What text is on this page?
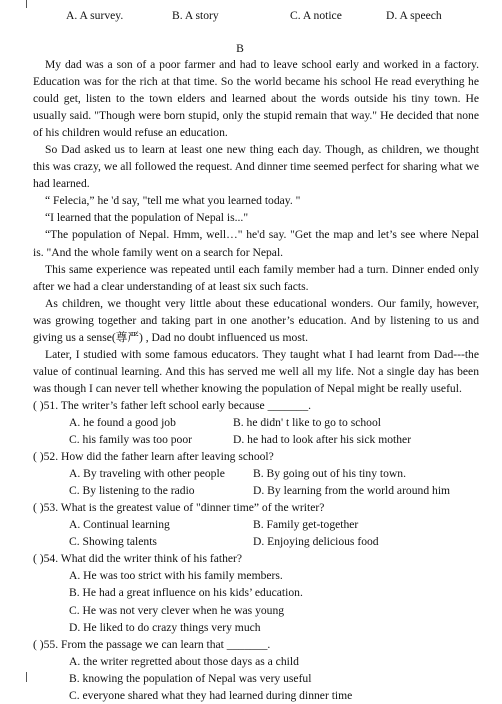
A. A survey.	B. A story	C. A notice	D. A speech
B

My dad was a son of a poor farmer and had to leave school early and worked in a factory. Education was for the rich at that time. So the world became his school He read everything he could get, listen to the town elders and learned about the words outside his tiny town. He usually said. "Though were born stupid, only the stupid remain that way." He decided that none of his children would refuse an education.

So Dad asked us to learn at least one new thing each day. Though, as children, we thought this was crazy, we all followed the request. And dinner time seemed perfect for sharing what we had learned.

“ Felecia,” he 'd say, "tell me what you learned today. "

“I learned that the population of Nepal is..."

“The population of Nepal. Hmm, well…" he'd say. "Get the map and let’s see where Nepal is. "And the whole family went on a search for Nepal.

This same experience was repeated until each family member had a turn. Dinner ended only after we had a clear understanding of at least six such facts.

As children, we thought very little about these educational wonders. Our family, however, was growing together and taking part in one another’s education. And by listening to us and giving us a sense(尊严) , Dad no doubt influenced us most.

Later, I studied with some famous educators. They taught what I had learnt from Dad---the value of continual learning. And this has served me well all my life. Not a single day has been was though I can never tell whether knowing the population of Nepal might be really useful.

( )51. The writer’s father left school early because _______.

A. he found a good job	B. he didn' t like to go to school
C. his family was too poor	D. he had to look after his sick mother

( )52. How did the father learn after leaving school?

A. By traveling with other people B. By going out of his tiny town.
C. By listening to the radio	D. By learning from the world around him

( )53. What is the greatest value of "dinner time” of the writer?

A. Continual learning	B. Family get-together
C. Showing talents	D. Enjoying delicious food

( )54. What did the writer think of his father?

A. He was too strict with his family members.
B. He had a great influence on his kids’ education.
C. He was not very clever when he was young
D. He liked to do crazy things very much

( )55. From the passage we can learn that _______.

A. the writer regretted about those days as a child
B. knowing the population of Nepal was very useful
C. everyone shared what they had learned during dinner time
